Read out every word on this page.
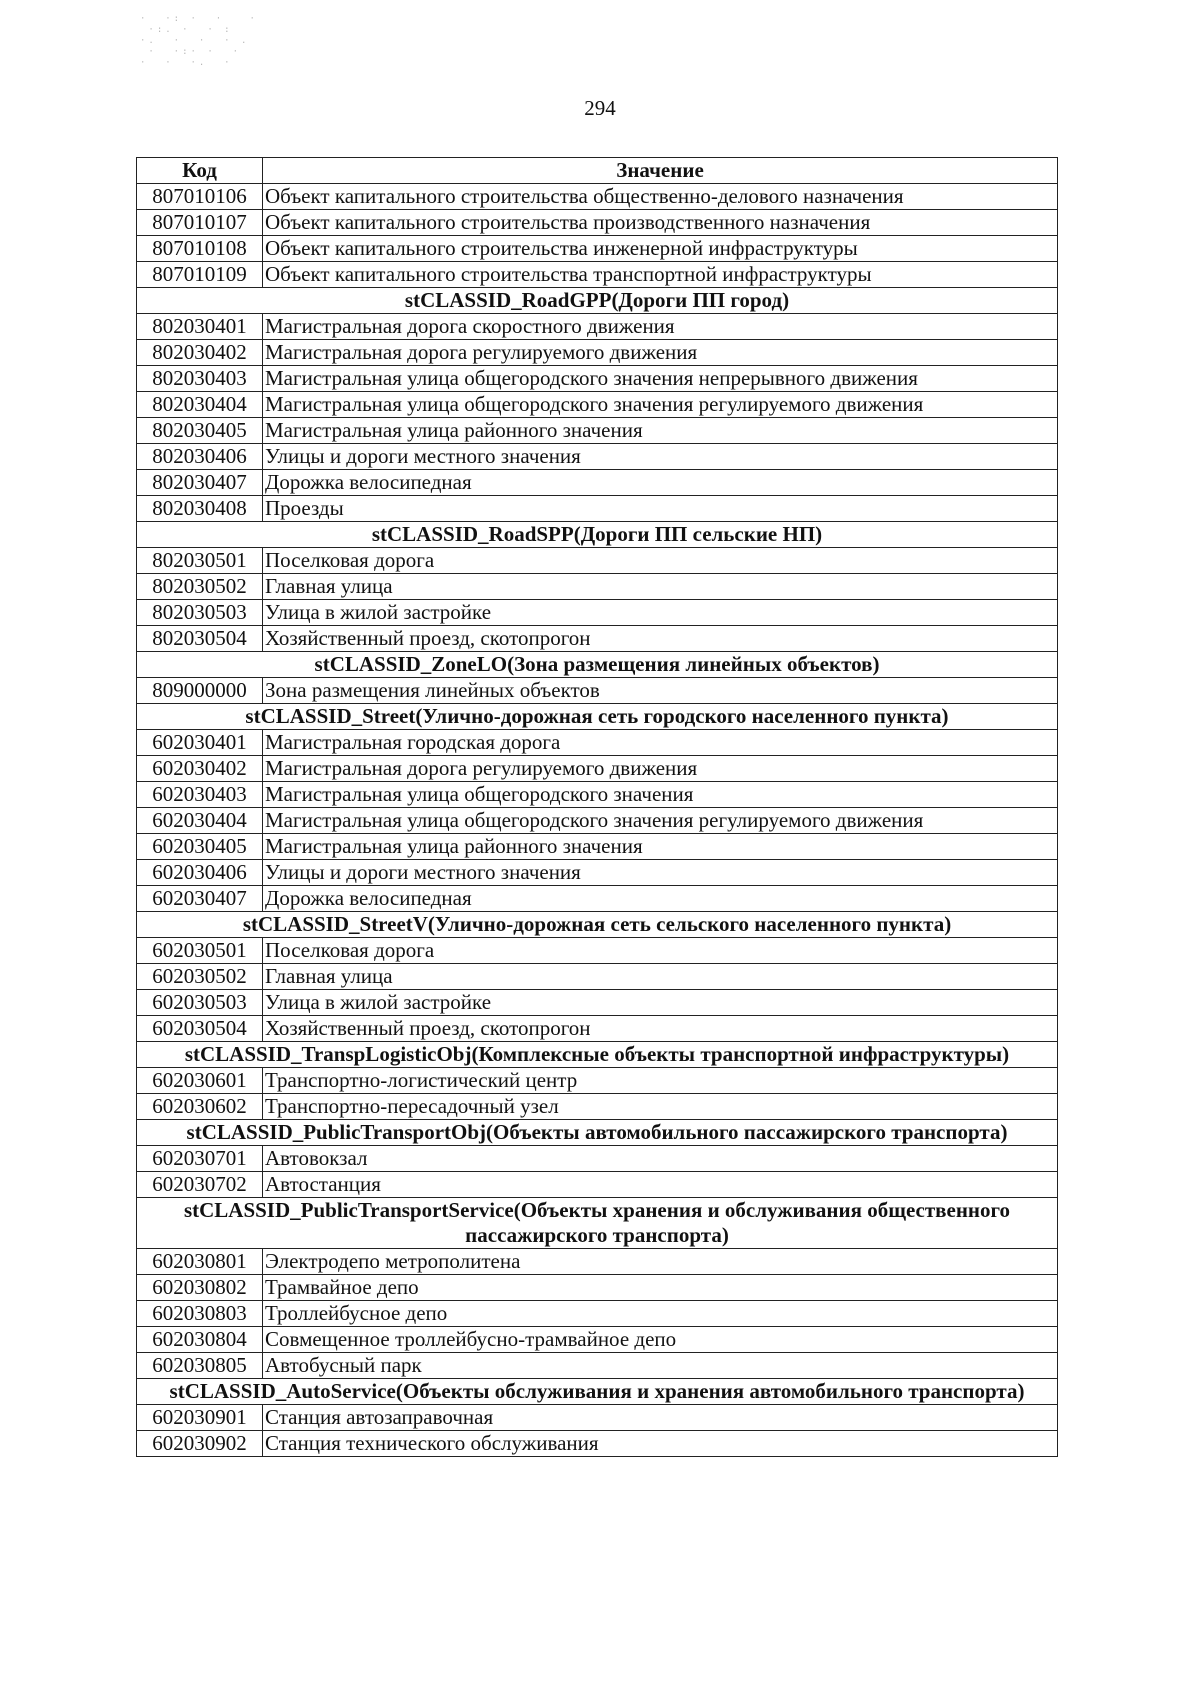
·  ·: ·  ·   ·
·:. ·  · :
·.  ·  ·  · .
·  ·:· ·  ·
·  ·  ·.  ·
294
Код	Значение
807010106	Объект капитального строительства общественно-делового назначения
807010107	Объект капитального строительства производственного назначения
807010108	Объект капитального строительства инженерной инфраструктуры
807010109	Объект капитального строительства транспортной инфраструктуры
stCLASSID_RoadGPP(Дороги ПП город)	
802030401	Магистральная дорога скоростного движения
802030402	Магистральная дорога регулируемого движения
802030403	Магистральная улица общегородского значения непрерывного движения
802030404	Магистральная улица общегородского значения регулируемого движения
802030405	Магистральная улица районного значения
802030406	Улицы и дороги местного значения
802030407	Дорожка велосипедная
802030408	Проезды
stCLASSID_RoadSPP(Дороги ПП сельские НП)	
802030501	Поселковая дорога
802030502	Главная улица
802030503	Улица в жилой застройке
802030504	Хозяйственный проезд, скотопрогон
stCLASSID_ZoneLO(Зона размещения линейных объектов)	
809000000	Зона размещения линейных объектов
stCLASSID_Street(Улично-дорожная сеть городского населенного пункта)	
602030401	Магистральная городская дорога
602030402	Магистральная дорога регулируемого движения
602030403	Магистральная улица общегородского значения
602030404	Магистральная улица общегородского значения регулируемого движения
602030405	Магистральная улица районного значения
602030406	Улицы и дороги местного значения
602030407	Дорожка велосипедная
stCLASSID_StreetV(Улично-дорожная сеть сельского населенного пункта)	
602030501	Поселковая дорога
602030502	Главная улица
602030503	Улица в жилой застройке
602030504	Хозяйственный проезд, скотопрогон
stCLASSID_TranspLogisticObj(Комплексные объекты транспортной инфраструктуры)	
602030601	Транспортно-логистический центр
602030602	Транспортно-пересадочный узел
stCLASSID_PublicTransportObj(Объекты автомобильного пассажирского транспорта)	
602030701	Автовокзал
602030702	Автостанция
stCLASSID_PublicTransportService(Объекты хранения и обслуживания общественного пассажирского транспорта)	
602030801	Электродепо метрополитена
602030802	Трамвайное депо
602030803	Троллейбусное депо
602030804	Совмещенное троллейбусно-трамвайное депо
602030805	Автобусный парк
stCLASSID_AutoService(Объекты обслуживания и хранения автомобильного транспорта)	
602030901	Станция автозаправочная
602030902	Станция технического обслуживания
